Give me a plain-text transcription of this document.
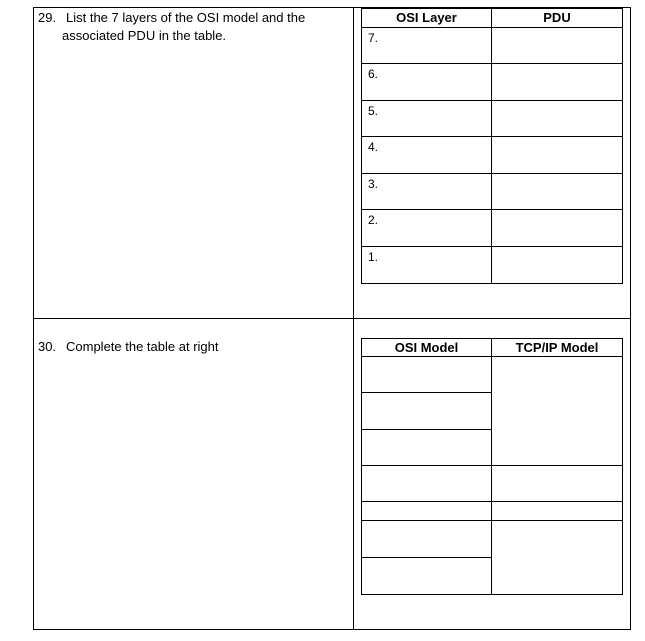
29. List the 7 layers of the OSI model and the
associated PDU in the table.
OSI Layer	PDU

7.	

6.	

5.	

4.	

3.	

2.	

1.	

30. Complete the table at right	OSI Model	TCP/IP Model
